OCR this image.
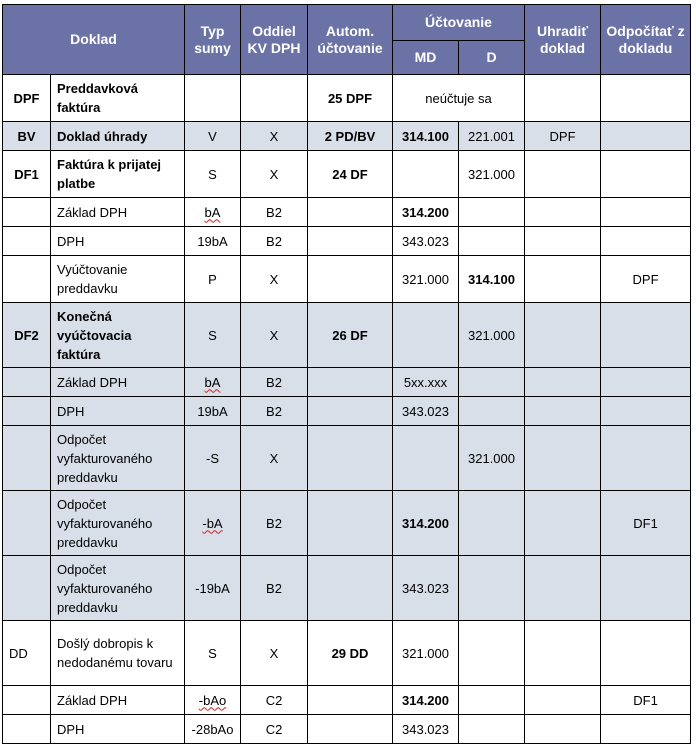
Doklad		Typ sumy	Oddiel KV DPH	Autom. účtovanie	Účtovanie		Uhradiť doklad	Odpočítať z dokladu
					MD	D		
DPF	Preddavková faktúra			25 DPF	neúčtuje sa			
BV	Doklad úhrady	V	X	2 PD/BV	314.100	221.001	DPF	
DF1	Faktúra k prijatej platbe	S	X	24 DF		321.000		
	Základ DPH	bA	B2		314.200			
	DPH	19bA	B2		343.023			
	Vyúčtovanie preddavku	P	X		321.000	314.100		DPF
DF2	Konečná vyúčtovacia faktúra	S	X	26 DF		321.000		
	Základ DPH	bA	B2		5xx.xxx			
	DPH	19bA	B2		343.023			
	Odpočet vyfakturovaného preddavku	-S	X			321.000		
	Odpočet vyfakturovaného preddavku	-bA	B2		314.200			DF1
	Odpočet vyfakturovaného preddavku	-19bA	B2		343.023			
DD	Došlý dobropis k nedodanému tovaru	S	X	29 DD	321.000			
	Základ DPH	-bAo	C2		314.200			DF1
	DPH	-28bAo	C2		343.023			
